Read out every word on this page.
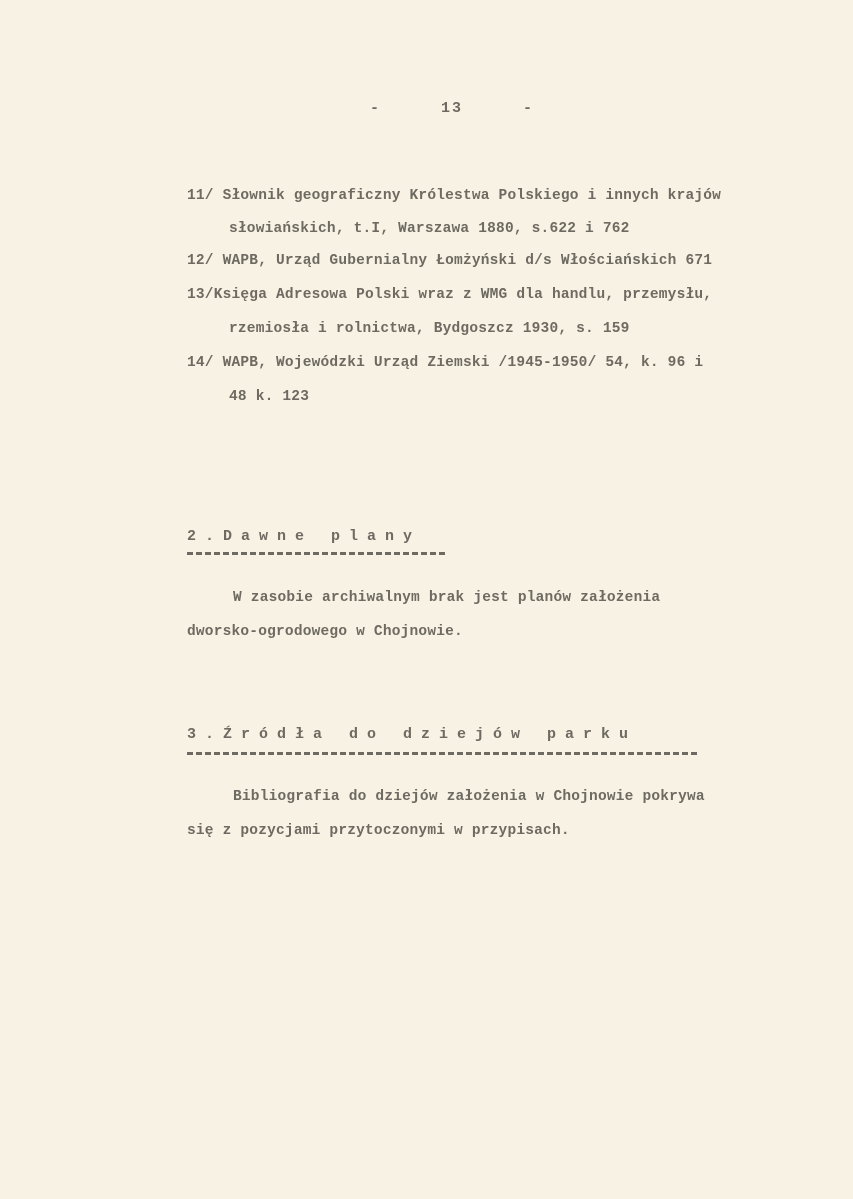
-	13	-
11/ Słownik geograficzny Królestwa Polskiego i innych krajów
słowiańskich, t.I, Warszawa 1880, s.622 i 762
12/ WAPB, Urząd Gubernialny Łomżyński d/s Włościańskich 671
13/Księga Adresowa Polski wraz z WMG dla handlu, przemysłu,
rzemiosła i rolnictwa, Bydgoszcz 1930, s. 159
14/ WAPB, Wojewódzki Urząd Ziemski /1945-1950/ 54, k. 96 i
48 k. 123
2.Dawne plany
W zasobie archiwalnym brak jest planów założenia
dworsko-ogrodowego w Chojnowie.
3.Źródła do dziejów parku
Bibliografia do dziejów założenia w Chojnowie pokrywa
się z pozycjami przytoczonymi w przypisach.
